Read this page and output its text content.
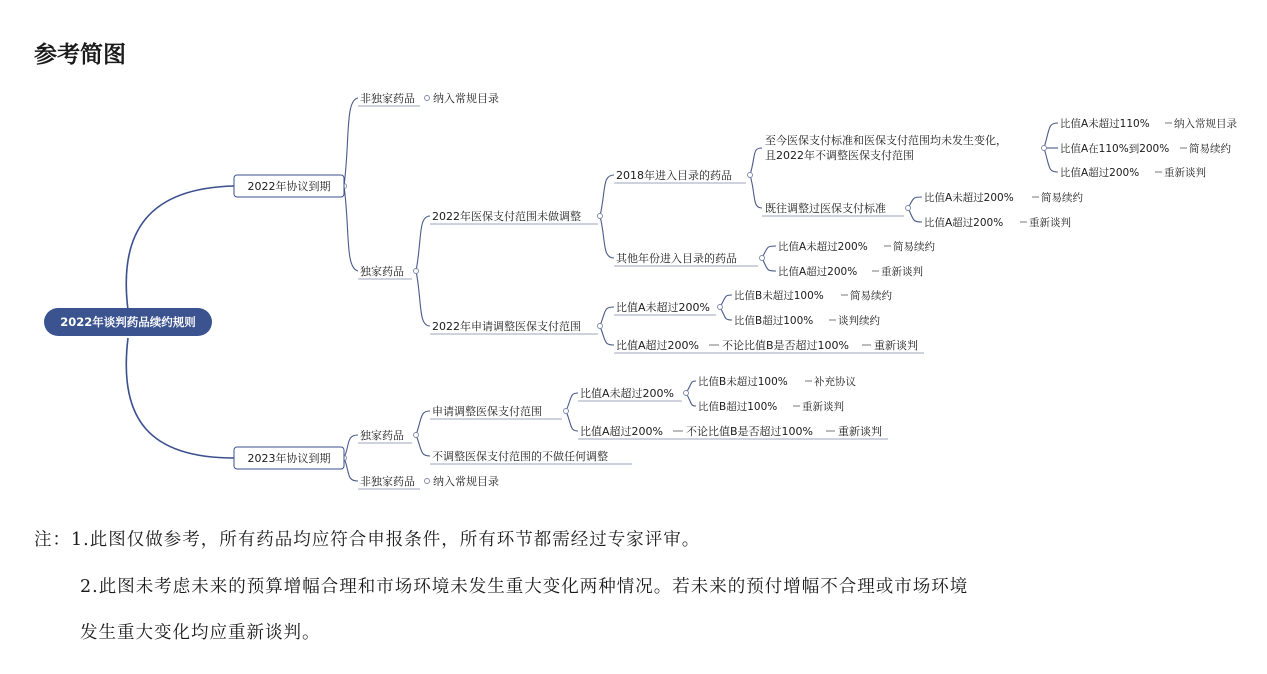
参考简图
2022年谈判药品续约规则
2022年协议到期
2023年协议到期
非独家药品 纳入常规目录
独家药品
2022年医保支付范围未做调整
2018年进入目录的药品
至今医保支付标准和医保支付范围均未发生变化，
且2022年不调整医保支付范围
比值A未超过110% 纳入常规目录
比值A在110%到200% 简易续约
比值A超过200% 重新谈判
既往调整过医保支付标准
比值A未超过200%	简易续约
比值A超过200% 重新谈判
其他年份进入目录的药品
比值A未超过200% 简易续约
比值A超过200% 重新谈判
2022年申请调整医保支付范围
比值A未超过200%
比值B未超过100%	简易续约
比值B超过100% 谈判续约
比值A超过200% 不论比值B是否超过100% 重新谈判
独家药品
申请调整医保支付范围
比值A未超过200%
比值B未超过100%	补充协议
比值B超过100% 重新谈判
比值A超过200% 不论比值B是否超过100% 重新谈判
不调整医保支付范围的不做任何调整
非独家药品 纳入常规目录
注：1.此图仅做参考，所有药品均应符合申报条件，所有环节都需经过专家评审。
2.此图未考虑未来的预算增幅合理和市场环境未发生重大变化两种情况。若未来的预付增幅不合理或市场环境
发生重大变化均应重新谈判。
